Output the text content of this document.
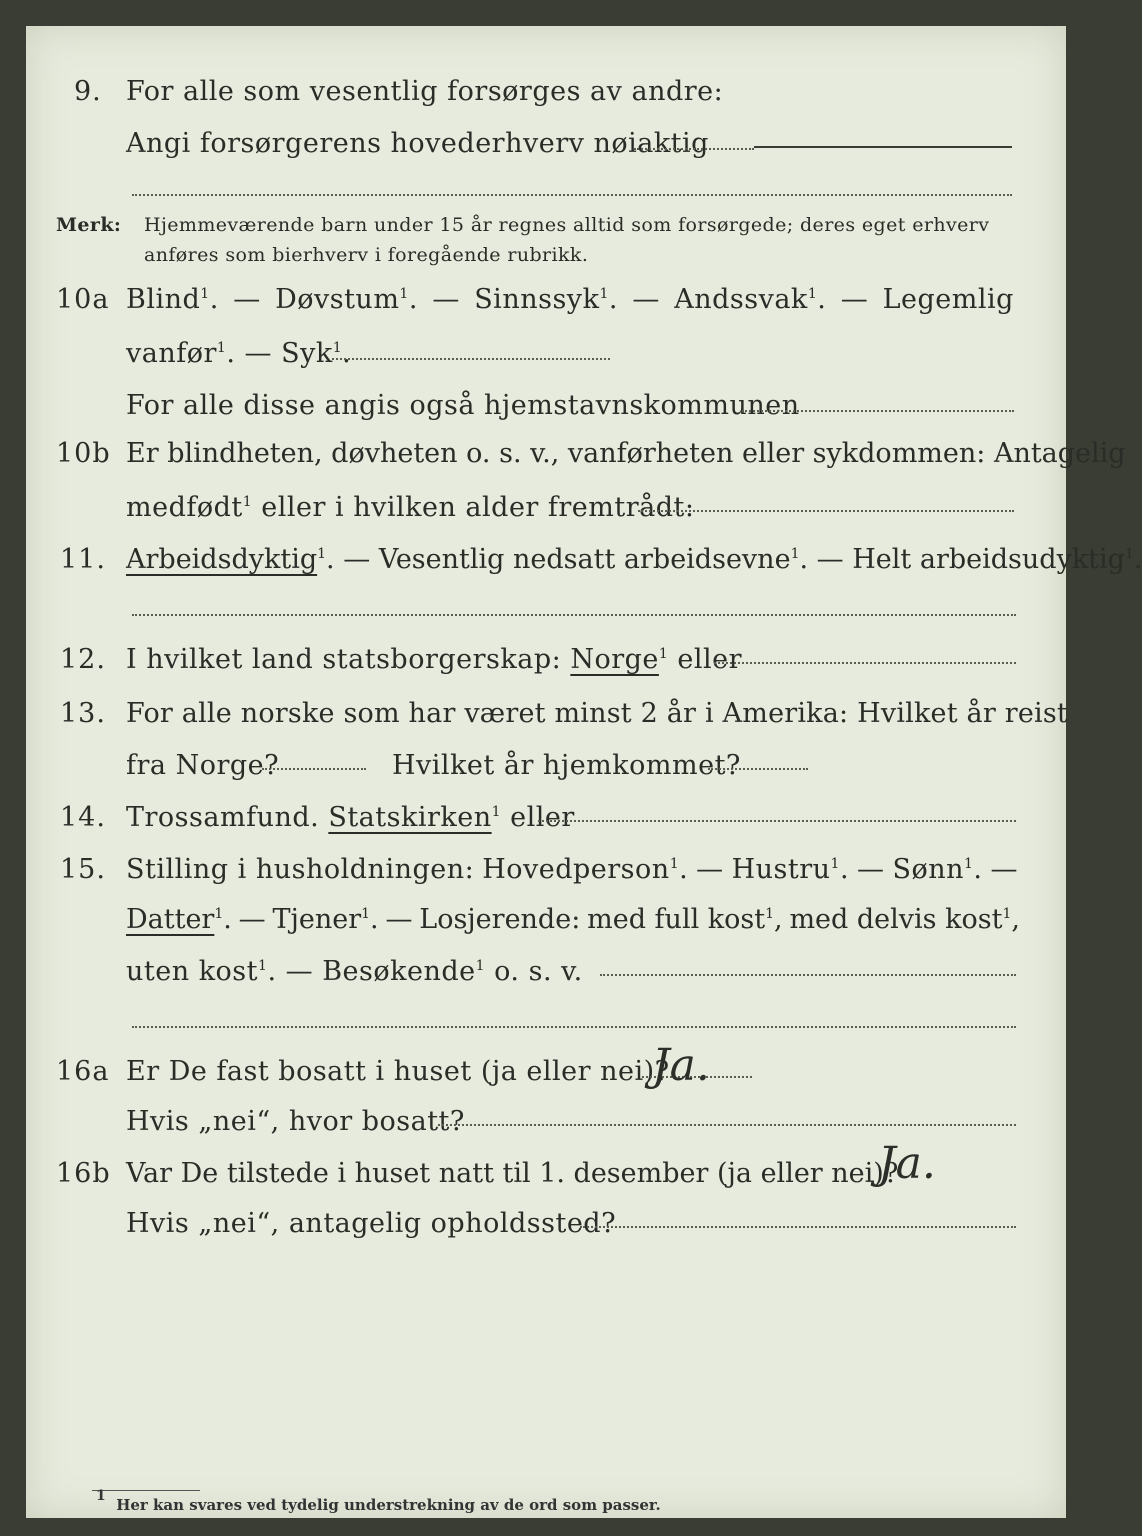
9. For alle som vesentlig forsørges av andre:
Angi forsørgerens hovederhverv nøiaktig
Merk: Hjemmeværende barn under 15 år regnes alltid som forsørgede; deres eget erhverv
anføres som bierhverv i foregående rubrikk.
10a Blind$^1$. — Døvstum$^1$. — Sinnssyk$^1$. — Andssvak$^1$. — Legemlig
vanfør$^1$. — Syk$^1$.
For alle disse angis også hjemstavnskommunen
10b Er blindheten, døvheten o. s. v., vanførheten eller sykdommen: Antagelig
medfødt$^1$ eller i hvilken alder fremtrådt:
11. Arbeidsdyktig$^1$. — Vesentlig nedsatt arbeidsevne$^1$. — Helt arbeidsudyktig$^1$.
12. I hvilket land statsborgerskap: Norge$^1$ eller
13. For alle norske som har været minst 2 år i Amerika: Hvilket år reist
fra Norge?	Hvilket år hjemkommet?
14. Trossamfund. Statskirken$^1$ eller
15. Stilling i husholdningen: Hovedperson$^1$. — Hustru$^1$. — Sønn$^1$. —
Datter$^1$. — Tjener$^1$. — Losjerende: med full kost$^1$, med delvis kost$^1$,
uten kost$^1$. — Besøkende$^1$ o. s. v.
16a Er De fast bosatt i huset (ja eller nei)?
Ja.
Hvis „nei“, hvor bosatt?
16b Var De tilstede i huset natt til 1. desember (ja eller nei)?
Ja.
Hvis „nei“, antagelig opholdssted?
$^1$ Her kan svares ved tydelig understrekning av de ord som passer.
